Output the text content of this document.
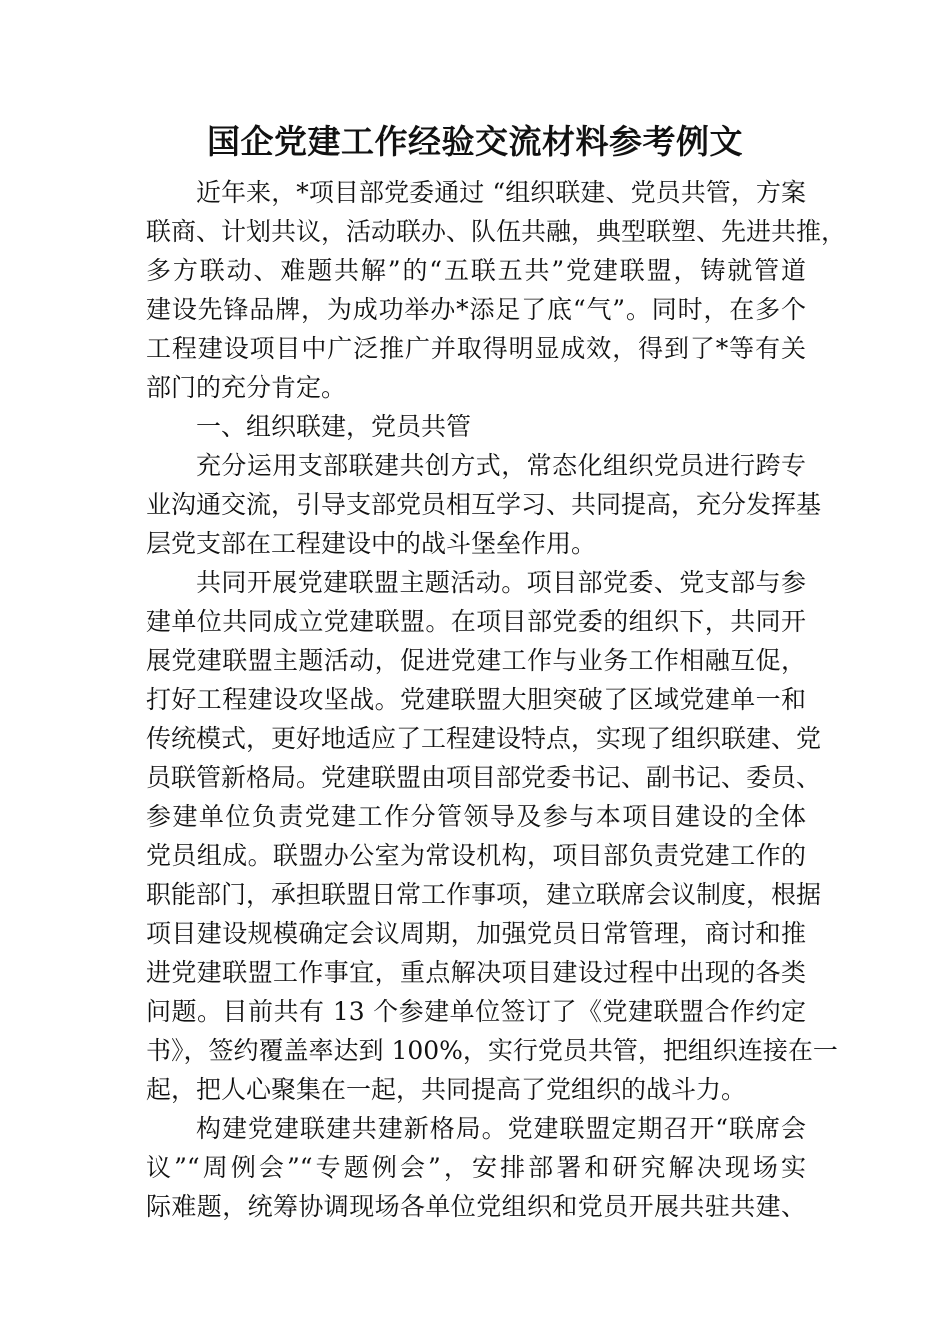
国企党建工作经验交流材料参考例文
近年来，*项目部党委通过 “组织联建、党员共管，方案
联商、计划共议，活动联办、队伍共融，典型联塑、先进共推，
多方联动、难题共解”的“五联五共”党建联盟，铸就管道
建设先锋品牌，为成功举办*添足了底“气”。同时，在多个
工程建设项目中广泛推广并取得明显成效，得到了*等有关
部门的充分肯定。
一、组织联建，党员共管
充分运用支部联建共创方式，常态化组织党员进行跨专
业沟通交流，引导支部党员相互学习、共同提高，充分发挥基
层党支部在工程建设中的战斗堡垒作用。
共同开展党建联盟主题活动。项目部党委、党支部与参
建单位共同成立党建联盟。在项目部党委的组织下，共同开
展党建联盟主题活动，促进党建工作与业务工作相融互促，
打好工程建设攻坚战。党建联盟大胆突破了区域党建单一和
传统模式，更好地适应了工程建设特点，实现了组织联建、党
员联管新格局。党建联盟由项目部党委书记、副书记、委员、
参建单位负责党建工作分管领导及参与本项目建设的全体
党员组成。联盟办公室为常设机构，项目部负责党建工作的
职能部门，承担联盟日常工作事项，建立联席会议制度，根据
项目建设规模确定会议周期，加强党员日常管理，商讨和推
进党建联盟工作事宜，重点解决项目建设过程中出现的各类
问题。目前共有 13 个参建单位签订了《党建联盟合作约定
书》，签约覆盖率达到 100%，实行党员共管，把组织连接在一
起，把人心聚集在一起，共同提高了党组织的战斗力。
构建党建联建共建新格局。党建联盟定期召开“联席会
议”“周例会”“专题例会”，安排部署和研究解决现场实
际难题，统筹协调现场各单位党组织和党员开展共驻共建、
